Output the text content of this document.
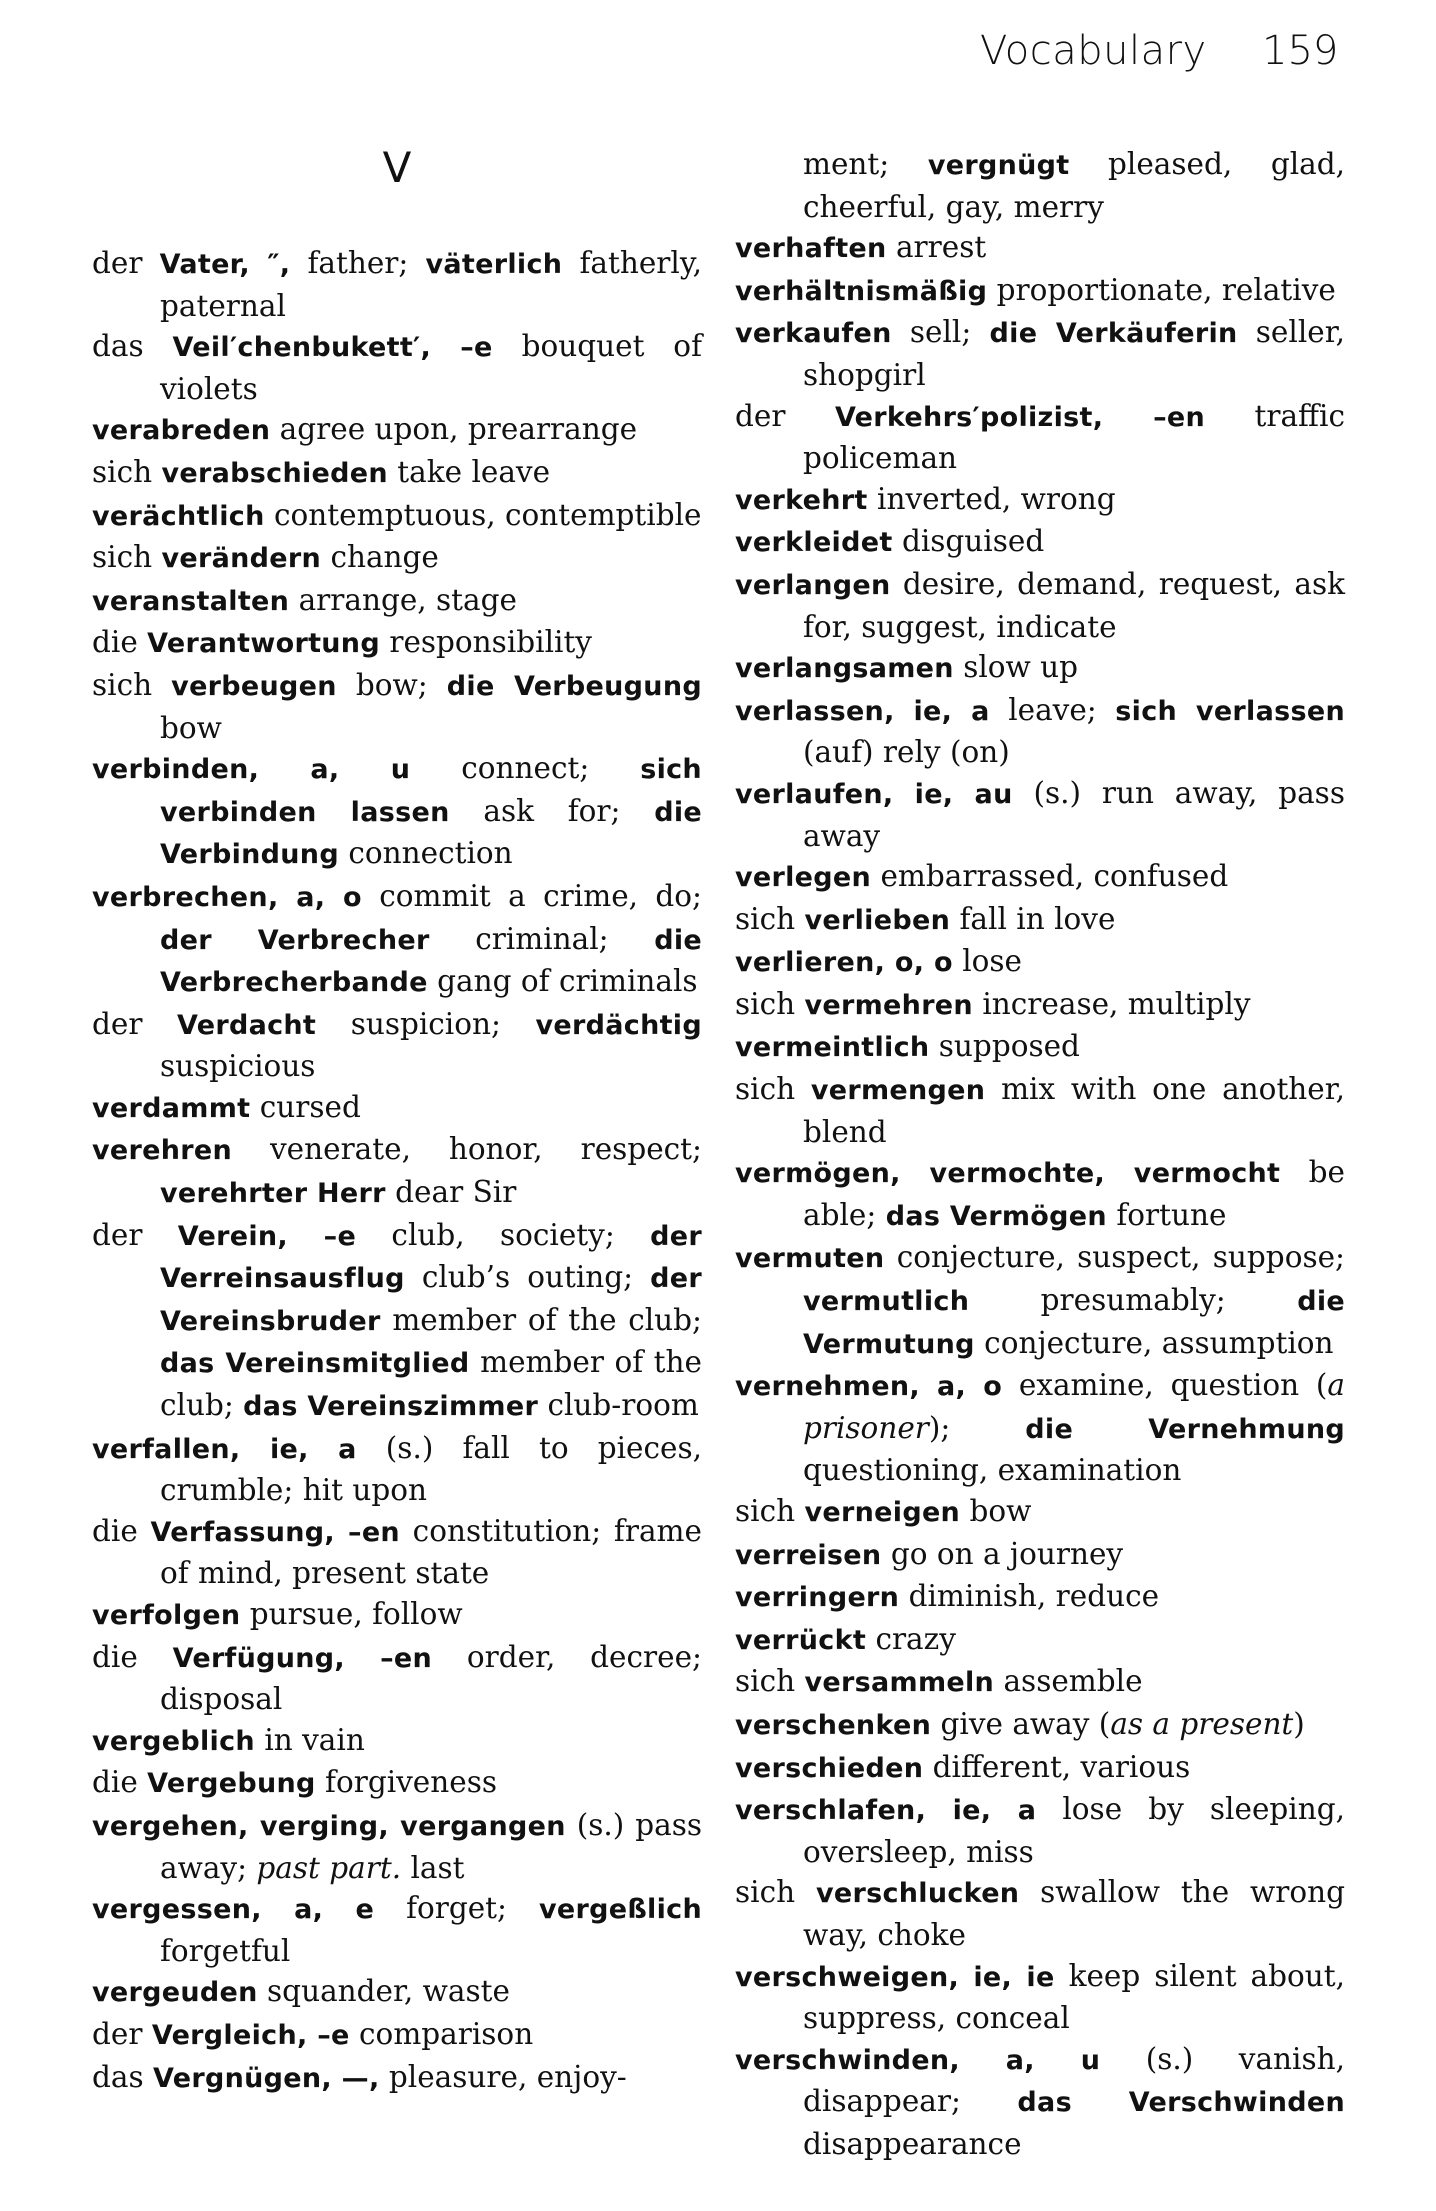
Vocabulary 159
V
der Vater, ″, father; väterlich fatherly, paternal
das Veil′chenbukett′, –e bouquet of violets
verabreden agree upon, prearrange
sich verabschieden take leave
verächtlich contemptuous, contemptible
sich verändern change
veranstalten arrange, stage
die Verantwortung responsibility
sich verbeugen bow; die Verbeugung bow
verbinden, a, u connect; sich verbinden lassen ask for; die Verbindung connection
verbrechen, a, o commit a crime, do; der Verbrecher criminal; die Verbrecherbande gang of criminals
der Verdacht suspicion; verdächtig suspicious
verdammt cursed
verehren venerate, honor, respect; verehrter Herr dear Sir
der Verein, –e club, society; der Verreinsausflug club’s outing; der Vereinsbruder member of the club; das Vereinsmitglied member of the club; das Vereinszimmer club-room
verfallen, ie, a (s.) fall to pieces, crumble; hit upon
die Verfassung, –en constitution; frame of mind, present state
verfolgen pursue, follow
die Verfügung, –en order, decree; disposal
vergeblich in vain
die Vergebung forgiveness
vergehen, verging, vergangen (s.) pass away; past part. last
vergessen, a, e forget; vergeßlich forgetful
vergeuden squander, waste
der Vergleich, –e comparison
das Vergnügen, —, pleasure, enjoy-
ment; vergnügt pleased, glad, cheerful, gay, merry
verhaften arrest
verhältnismäßig proportionate, relative
verkaufen sell; die Verkäuferin seller, shopgirl
der Verkehrs′polizist, –en traffic policeman
verkehrt inverted, wrong
verkleidet disguised
verlangen desire, demand, request, ask for, suggest, indicate
verlangsamen slow up
verlassen, ie, a leave; sich verlassen (auf) rely (on)
verlaufen, ie, au (s.) run away, pass away
verlegen embarrassed, confused
sich verlieben fall in love
verlieren, o, o lose
sich vermehren increase, multiply
vermeintlich supposed
sich vermengen mix with one another, blend
vermögen, vermochte, vermocht be able; das Vermögen fortune
vermuten conjecture, suspect, suppose; vermutlich presumably;	die Vermutung conjecture, assumption
vernehmen, a, o examine, question (a prisoner);	die Vernehmung questioning, examination
sich verneigen bow
verreisen go on a journey
verringern diminish, reduce
verrückt crazy
sich versammeln assemble
verschenken give away (as a present)
verschieden different, various
verschlafen, ie, a lose by sleeping, oversleep, miss
sich verschlucken swallow the wrong way, choke
verschweigen, ie, ie keep silent about, suppress, conceal
verschwinden, a, u (s.) vanish, disappear; das Verschwinden disappearance
